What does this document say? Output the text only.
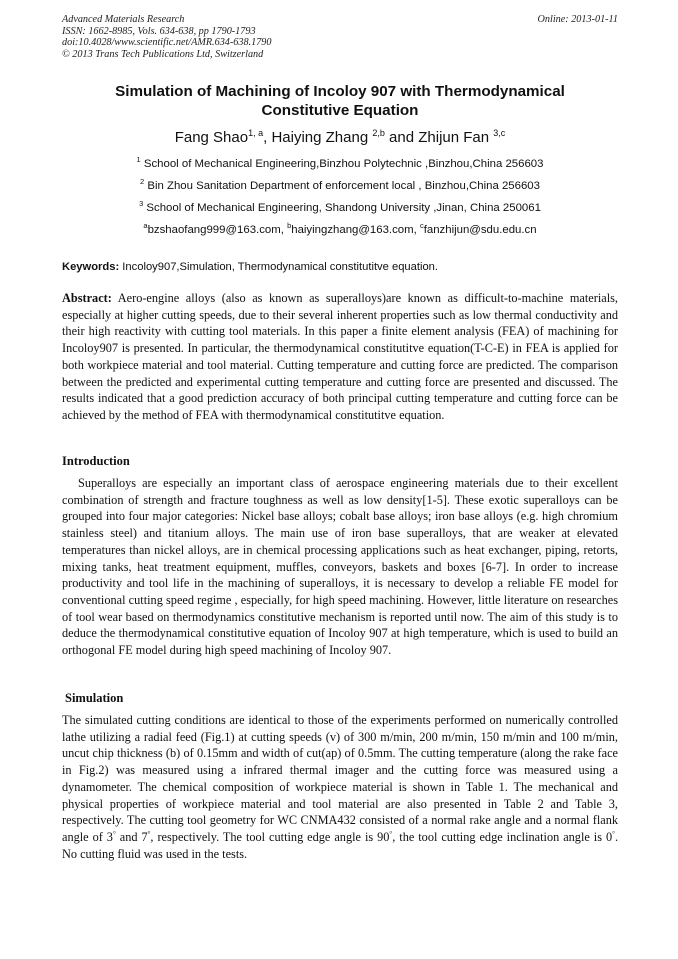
Advanced Materials Research
ISSN: 1662-8985, Vols. 634-638, pp 1790-1793
doi:10.4028/www.scientific.net/AMR.634-638.1790
© 2013 Trans Tech Publications Ltd, Switzerland
Online: 2013-01-11
Simulation of Machining of Incoloy 907 with Thermodynamical
Constitutive Equation
Fang Shao$^{1, a}$, Haiying Zhang $^{2,b}$ and Zhijun Fan $^{3,c}$
$^1$ School of Mechanical Engineering,Binzhou Polytechnic ,Binzhou,China 256603
$^2$ Bin Zhou Sanitation Department of enforcement local , Binzhou,China 256603
$^3$ School of Mechanical Engineering, Shandong University ,Jinan, China 250061
$^a$bzshaofang999@163.com, $^b$haiyingzhang@163.com, $^c$fanzhijun@sdu.edu.cn
Keywords: Incoloy907,Simulation, Thermodynamical constitutitve equation.
Abstract: Aero-engine alloys (also as known as superalloys)are known as difficult-to-machine materials, especially at higher cutting speeds, due to their several inherent properties such as low thermal conductivity and their high reactivity with cutting tool materials. In this paper a finite element analysis (FEA) of machining for Incoloy907 is presented. In particular, the thermodynamical constitutitve equation(T-C-E) in FEA is applied for both workpiece material and tool material. Cutting temperature and cutting force are predicted. The comparison between the predicted and experimental cutting temperature and cutting force are presented and discussed. The results indicated that a good prediction accuracy of both principal cutting temperature and cutting force can be achieved by the method of FEA with thermodynamical constitutitve equation.
Introduction
Superalloys are especially an important class of aerospace engineering materials due to their excellent combination of strength and fracture toughness as well as low density[1-5]. These exotic superalloys can be grouped into four major categories: Nickel base alloys; cobalt base alloys; iron base alloys (e.g. high chromium stainless steel) and titanium alloys. The main use of iron base superalloys, that are weaker at elevated temperatures than nickel alloys, are in chemical processing applications such as heat exchanger, piping, retorts, mixing tanks, heat treatment equipment, muffles, conveyors, baskets and boxes [6-7]. In order to increase productivity and tool life in the machining of superalloys, it is necessary to develop a reliable FE model for conventional cutting speed regime , especially, for high speed machining. However, little literature on researches of tool wear based on thermodynamics constitutive mechanism is reported until now. The aim of this study is to deduce the thermodynamical constitutive equation of Incoloy 907 at high temperature, which is used to build an orthogonal FE model during high speed machining of Incoloy 907.
Simulation
The simulated cutting conditions are identical to those of the experiments performed on numerically controlled lathe utilizing a radial feed (Fig.1) at cutting speeds (v) of 300 m/min, 200 m/min, 150 m/min and 100 m/min, uncut chip thickness (b) of 0.15mm and width of cut(ap) of 0.5mm. The cutting temperature (along the rake face in Fig.2) was measured using a infrared thermal imager and the cutting force was measured using a dynamometer. The chemical composition of workpiece material is shown in Table 1. The mechanical and physical properties of workpiece material and tool material are also presented in Table 2 and Table 3, respectively. The cutting tool geometry for WC CNMA432 consisted of a normal rake angle and a normal flank angle of 3° and 7°, respectively. The tool cutting edge angle is 90°, the tool cutting edge inclination angle is 0°. No cutting fluid was used in the tests.
